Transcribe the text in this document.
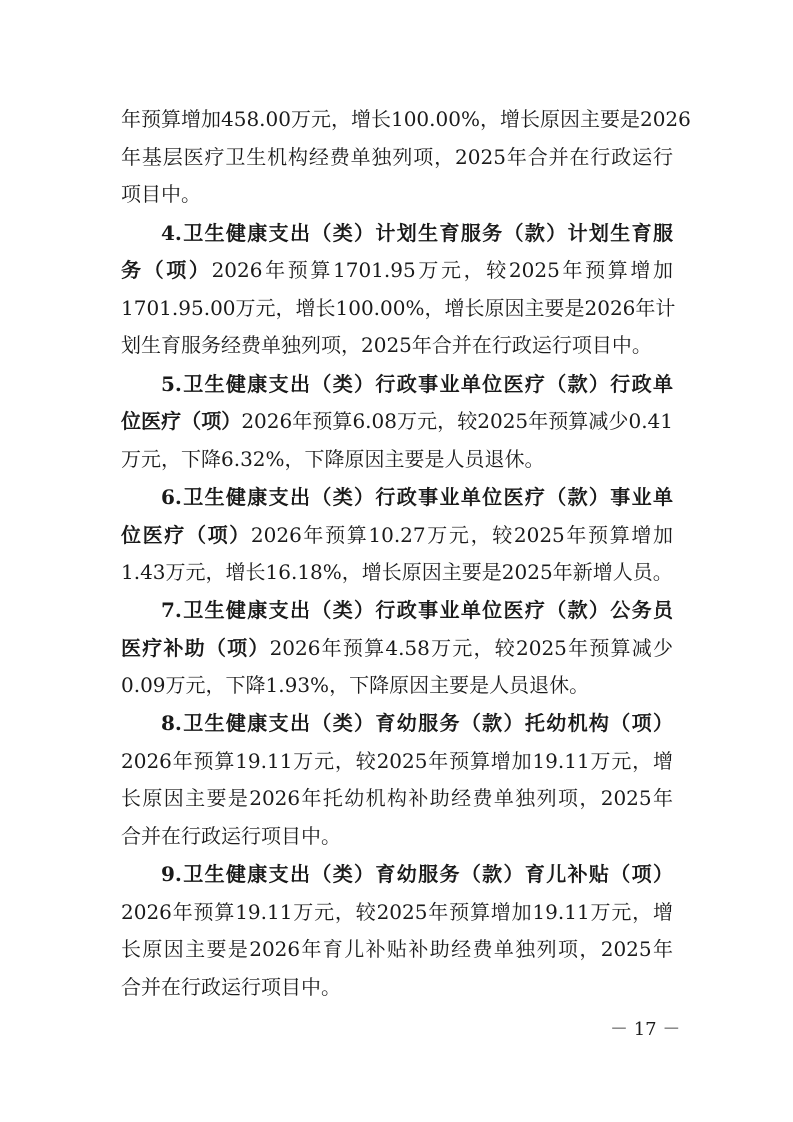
年预算增加458.00万元，增长100.00%，增长原因主要是2026
年基层医疗卫生机构经费单独列项，2025年合并在行政运行
项目中。
4.卫生健康支出（类）计划生育服务（款）计划生育服
务（项）2026年预算1701.95万元，较2025年预算增加
1701.95.00万元，增长100.00%，增长原因主要是2026年计
划生育服务经费单独列项，2025年合并在行政运行项目中。
5.卫生健康支出（类）行政事业单位医疗（款）行政单
位医疗（项）2026年预算6.08万元，较2025年预算减少0.41
万元，下降6.32%，下降原因主要是人员退休。
6.卫生健康支出（类）行政事业单位医疗（款）事业单
位医疗（项）2026年预算10.27万元，较2025年预算增加
1.43万元，增长16.18%，增长原因主要是2025年新增人员。
7.卫生健康支出（类）行政事业单位医疗（款）公务员
医疗补助（项）2026年预算4.58万元，较2025年预算减少
0.09万元，下降1.93%，下降原因主要是人员退休。
8.卫生健康支出（类）育幼服务（款）托幼机构（项）
2026年预算19.11万元，较2025年预算增加19.11万元，增
长原因主要是2026年托幼机构补助经费单独列项，2025年
合并在行政运行项目中。
9.卫生健康支出（类）育幼服务（款）育儿补贴（项）
2026年预算19.11万元，较2025年预算增加19.11万元，增
长原因主要是2026年育儿补贴补助经费单独列项，2025年
合并在行政运行项目中。
－ 17 －
